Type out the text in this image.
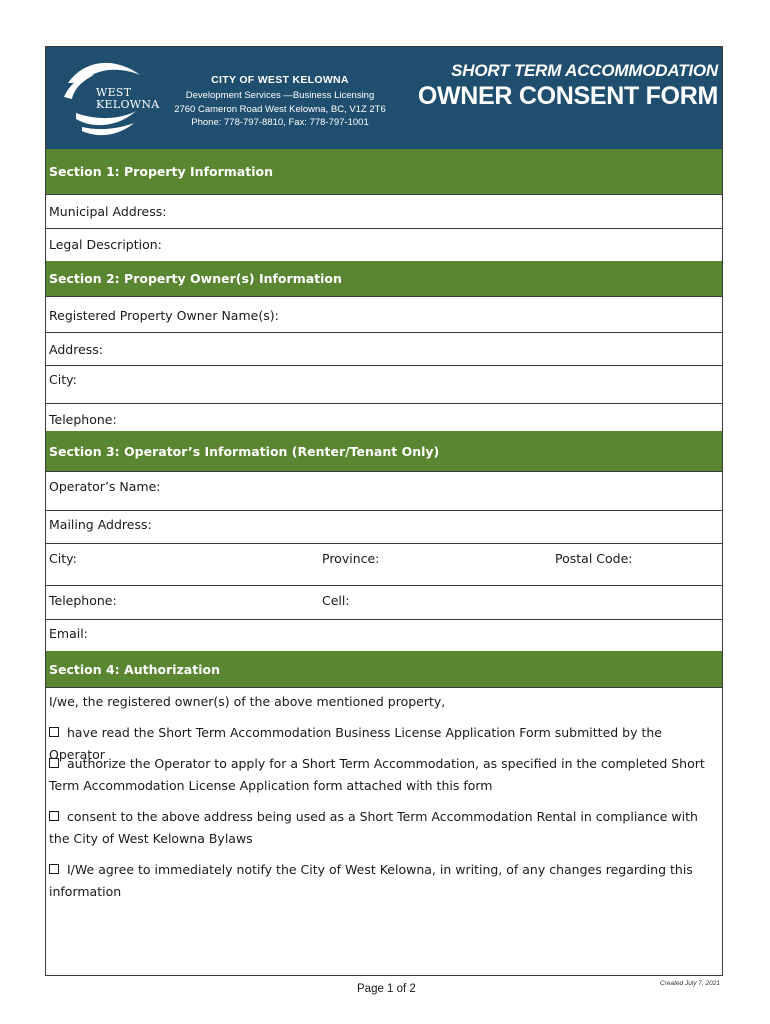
WEST
KELOWNA
CITY OF WEST KELOWNA
Development Services —Business Licensing
2760 Cameron Road West Kelowna, BC, V1Z 2T6
Phone: 778-797-8810, Fax: 778-797-1001
SHORT TERM ACCOMMODATION
OWNER CONSENT FORM
Section 1: Property Information
Municipal Address:
Legal Description:
Section 2: Property Owner(s) Information
Registered Property Owner Name(s):
Address:
City:
Telephone:
Section 3: Operator’s Information (Renter/Tenant Only)
Operator’s Name:
Mailing Address:
City:	Province:	Postal Code:
Telephone:	Cell:
Email:
Section 4: Authorization
I/we, the registered owner(s) of the above mentioned property,
have read the Short Term Accommodation Business License Application Form submitted by the Operator
authorize the Operator to apply for a Short Term Accommodation, as specified in the completed Short Term Accommodation License Application form attached with this form
consent to the above address being used as a Short Term Accommodation Rental in compliance with the City of West Kelowna Bylaws
I/We agree to immediately notify the City of West Kelowna, in writing, of any changes regarding this information
Page 1 of 2	Created July 7, 2021
